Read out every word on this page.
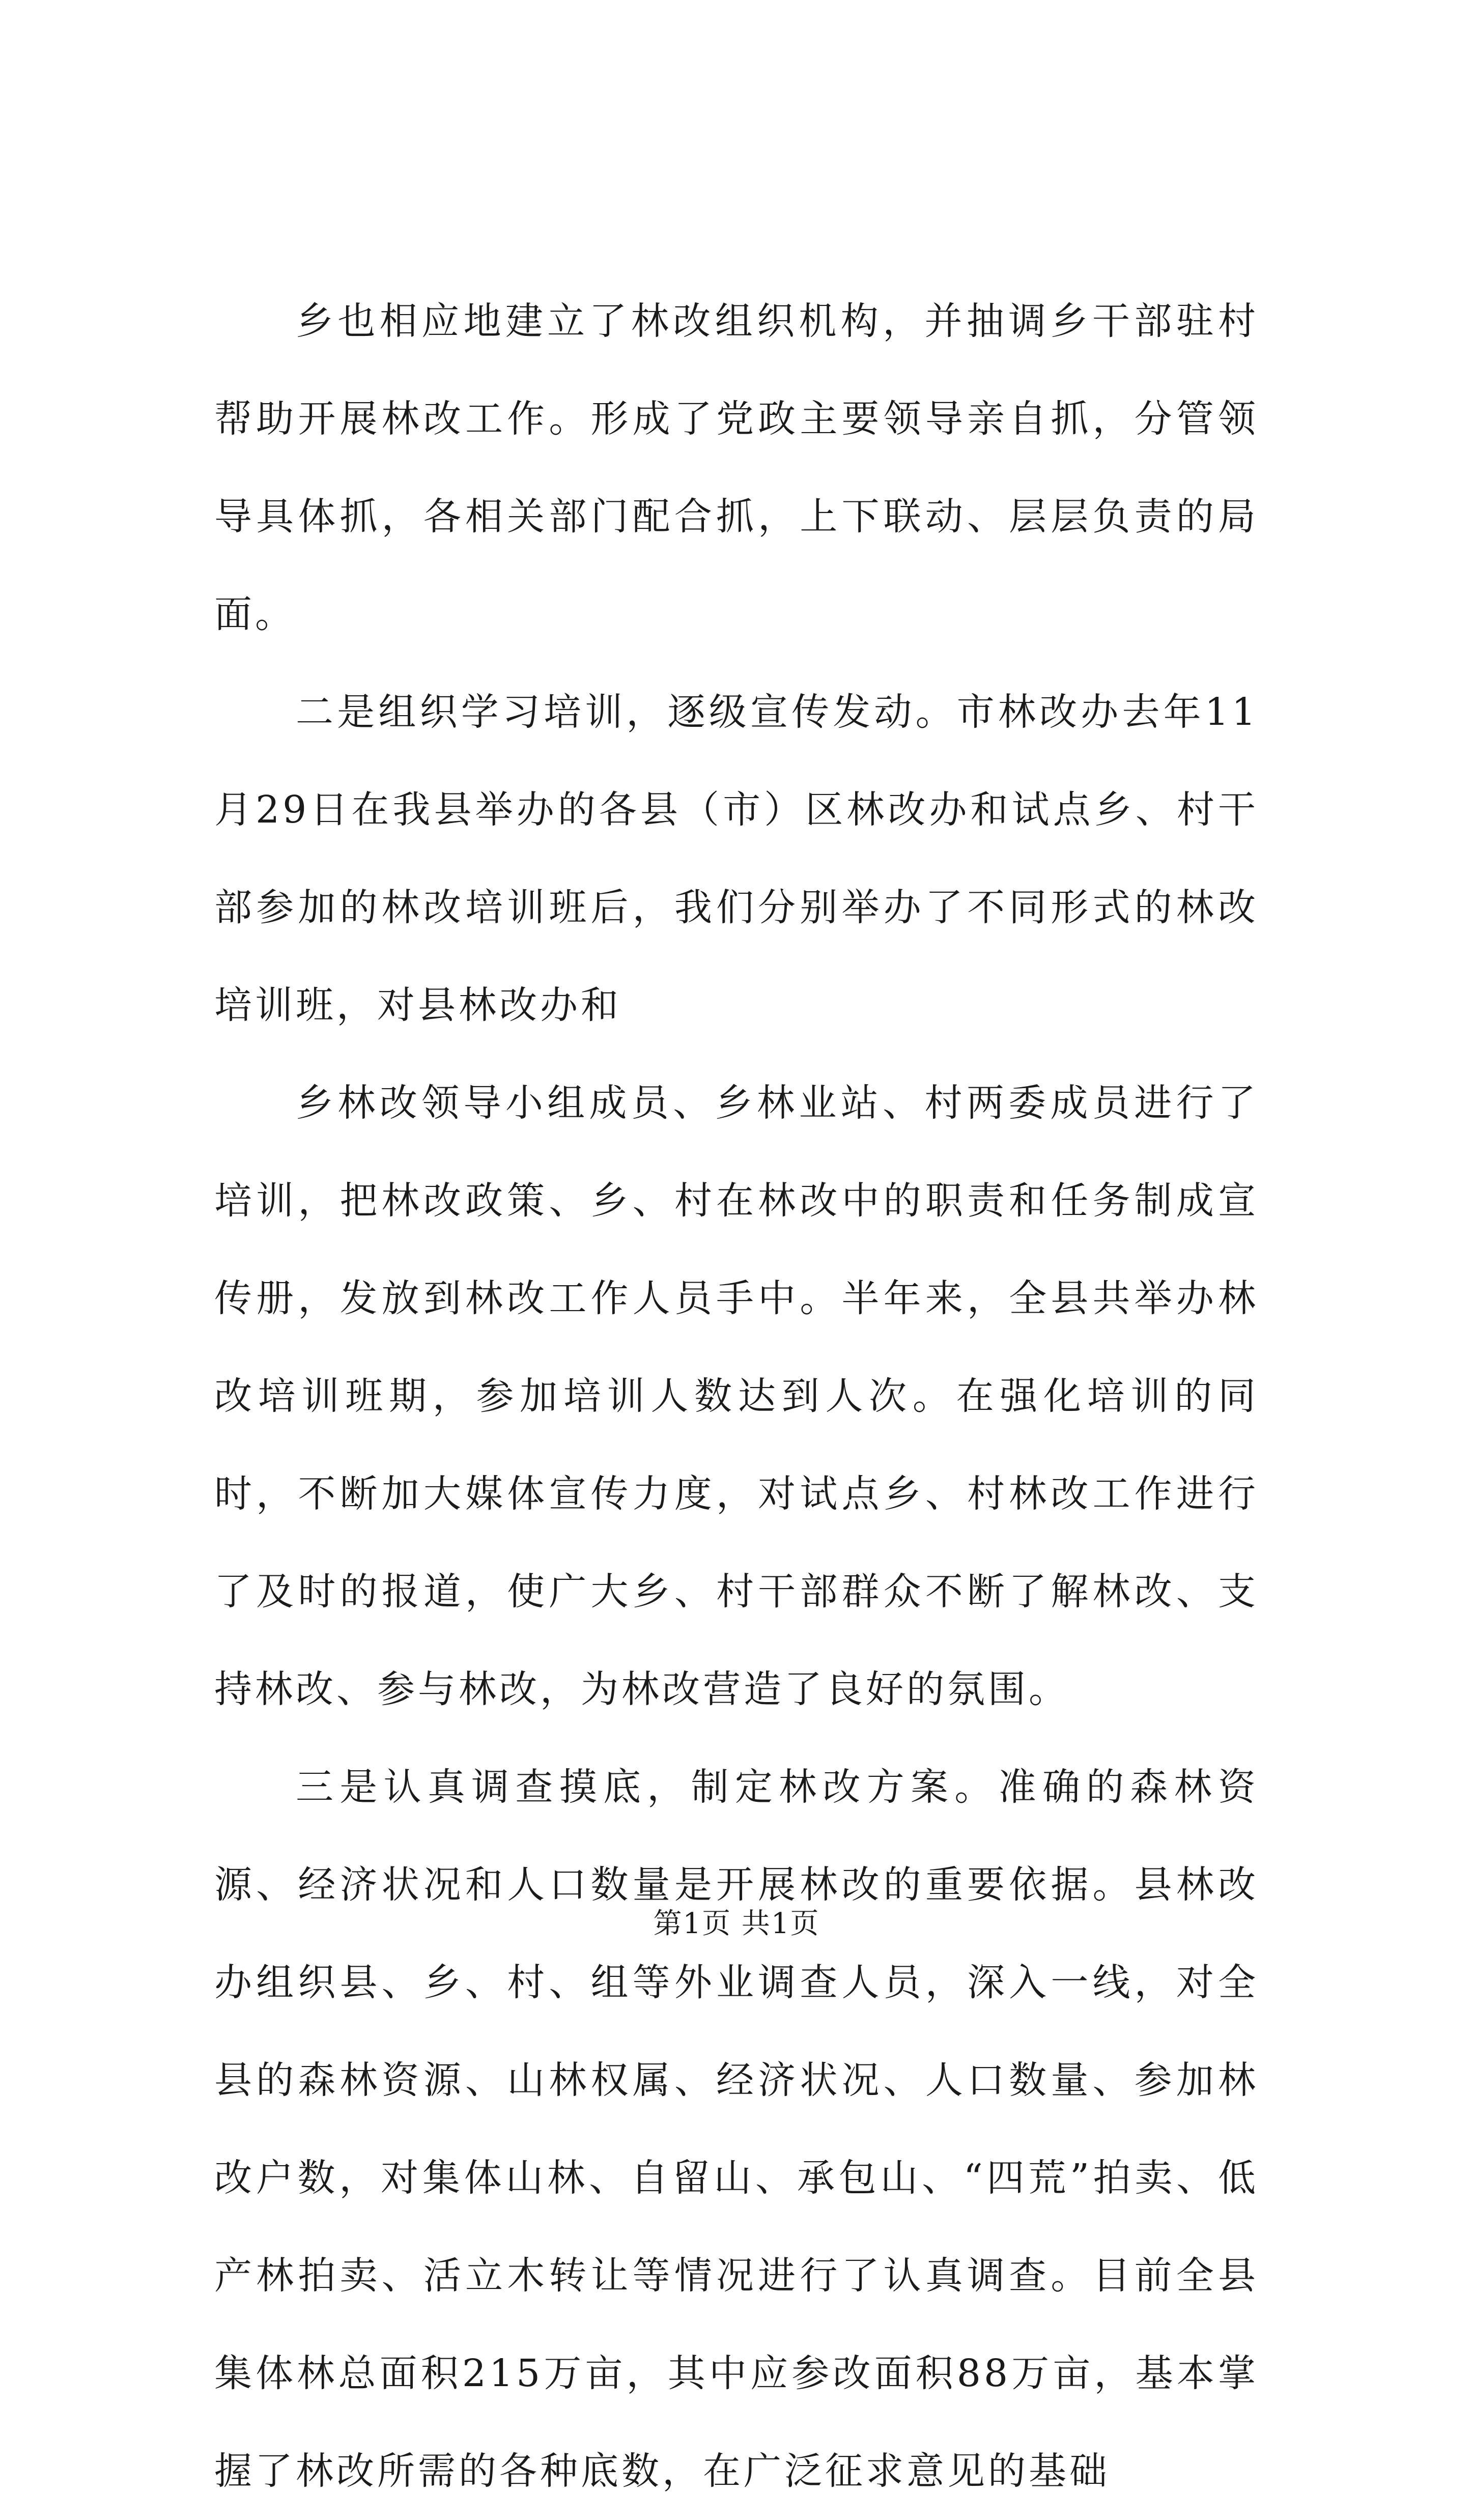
乡也相应地建立了林改组织机构，并抽调乡干部驻村帮助开展林改工作。形成了党政主要领导亲自抓，分管领导具体抓，各相关部门配合抓，上下联动、层层负责的局面。

二是组织学习培训，逐级宣传发动。市林改办去年11月29日在我县举办的各县（市）区林改办和试点乡、村干部参加的林改培训班后，我们分别举办了不同形式的林改培训班，对县林改办和

乡林改领导小组成员、乡林业站、村两委成员进行了培训，把林改政策、乡、村在林改中的职责和任务制成宣传册，发放到林改工作人员手中。半年来，全县共举办林改培训班期，参加培训人数达到人次。在强化培训的同时，不断加大媒体宣传力度，对试点乡、村林改工作进行了及时的报道，使广大乡、村干部群众不断了解林改、支持林改、参与林改，为林改营造了良好的氛围。

三是认真调查摸底，制定林改方案。准确的森林资源、经济状况和人口数量是开展林改的重要依据。县林改办组织县、乡、村、组等外业调查人员，深入一线，对全县的森林资源、山林权属、经济状况、人口数量、参加林改户数，对集体山林、自留山、承包山、“四荒”拍卖、低产林拍卖、活立木转让等情况进行了认真调查。目前全县集体林总面积215万亩，其中应参改面积88万亩，基本掌握了林改所需的各种底数，在广泛征求意见的基础

第1页 共1页
